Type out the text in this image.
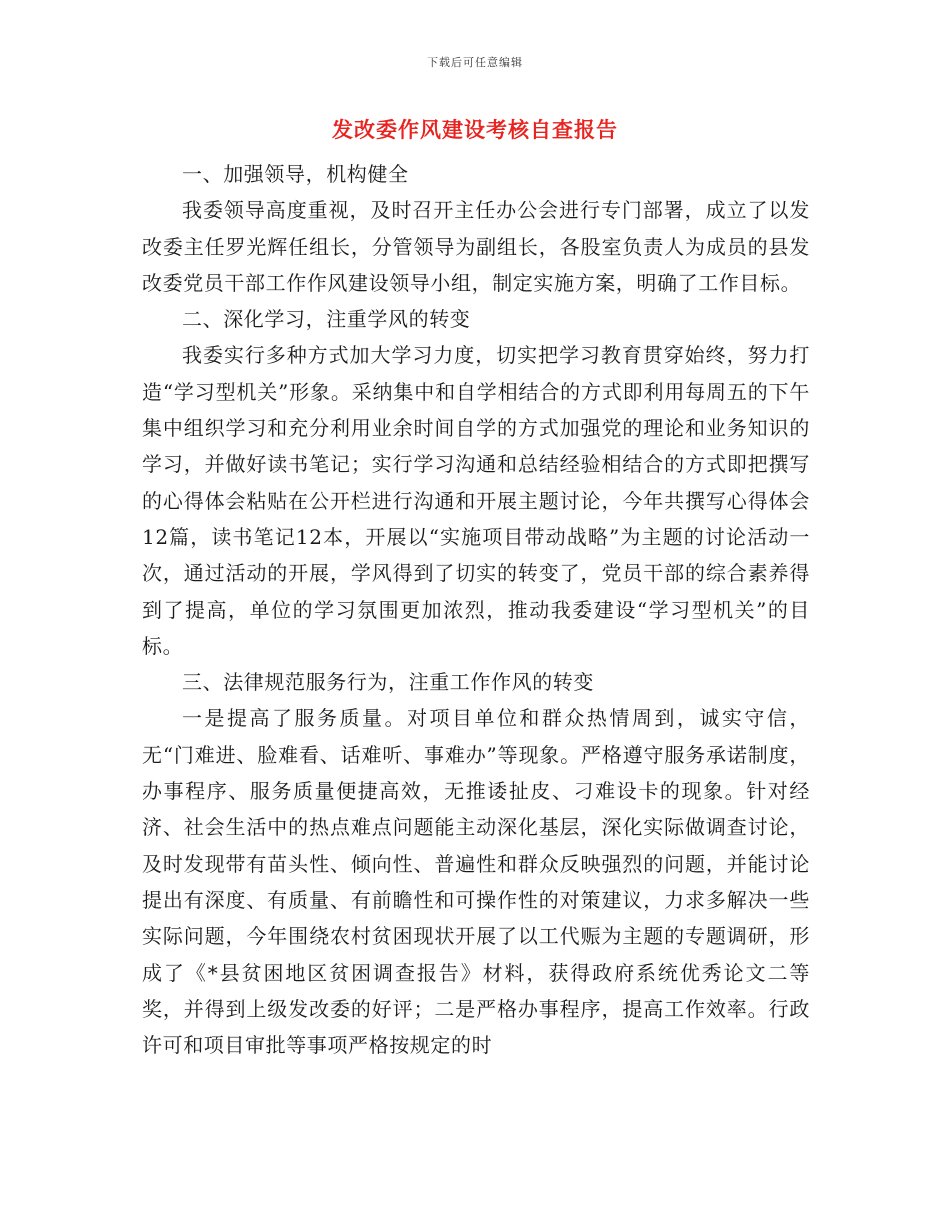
下载后可任意编辑
发改委作风建设考核自查报告

一、加强领导，机构健全

我委领导高度重视，及时召开主任办公会进行专门部署，成立了以发改委主任罗光辉任组长，分管领导为副组长，各股室负责人为成员的县发改委党员干部工作作风建设领导小组，制定实施方案，明确了工作目标。

二、深化学习，注重学风的转变

我委实行多种方式加大学习力度，切实把学习教育贯穿始终，努力打造“学习型机关”形象。采纳集中和自学相结合的方式即利用每周五的下午集中组织学习和充分利用业余时间自学的方式加强党的理论和业务知识的学习，并做好读书笔记；实行学习沟通和总结经验相结合的方式即把撰写的心得体会粘贴在公开栏进行沟通和开展主题讨论，今年共撰写心得体会12篇，读书笔记12本，开展以“实施项目带动战略”为主题的讨论活动一次，通过活动的开展，学风得到了切实的转变了，党员干部的综合素养得到了提高，单位的学习氛围更加浓烈，推动我委建设“学习型机关”的目标。

三、法律规范服务行为，注重工作作风的转变

一是提高了服务质量。对项目单位和群众热情周到，诚实守信，无“门难进、脸难看、话难听、事难办”等现象。严格遵守服务承诺制度，办事程序、服务质量便捷高效，无推诿扯皮、刁难设卡的现象。针对经济、社会生活中的热点难点问题能主动深化基层，深化实际做调查讨论，及时发现带有苗头性、倾向性、普遍性和群众反映强烈的问题，并能讨论提出有深度、有质量、有前瞻性和可操作性的对策建议，力求多解决一些实际问题，今年围绕农村贫困现状开展了以工代赈为主题的专题调研，形成了《*县贫困地区贫困调查报告》材料，获得政府系统优秀论文二等奖，并得到上级发改委的好评；二是严格办事程序，提高工作效率。行政许可和项目审批等事项严格按规定的时
